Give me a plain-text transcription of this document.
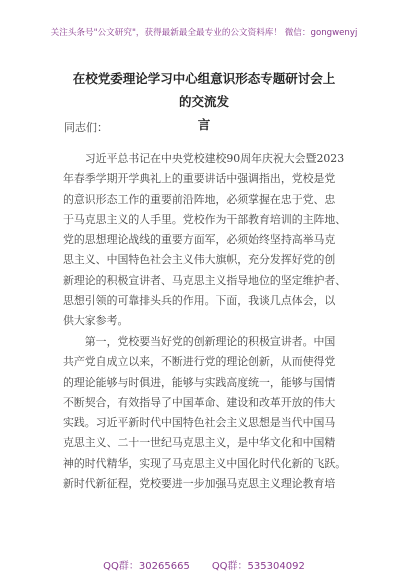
关注头条号"公文研究"，获得最新最全最专业的公文资料库！ 微信：gongwenyj
在校党委理论学习中心组意识形态专题研讨会上的交流发
言
同志们：
　　习近平总书记在中央党校建校90周年庆祝大会暨2023
年春季学期开学典礼上的重要讲话中强调指出，党校是党
的意识形态工作的重要前沿阵地，必须掌握在忠于党、忠
于马克思主义的人手里。党校作为干部教育培训的主阵地、
党的思想理论战线的重要方面军，必须始终坚持高举马克
思主义、中国特色社会主义伟大旗帜，充分发挥好党的创
新理论的积极宣讲者、马克思主义指导地位的坚定维护者、
思想引领的可靠排头兵的作用。下面，我谈几点体会，以
供大家参考。
　　第一，党校要当好党的创新理论的积极宣讲者。中国
共产党自成立以来，不断进行党的理论创新，从而使得党
的理论能够与时俱进，能够与实践高度统一，能够与国情
不断契合，有效指导了中国革命、建设和改革开放的伟大
实践。习近平新时代中国特色社会主义思想是当代中国马
克思主义、二十一世纪马克思主义，是中华文化和中国精
神的时代精华，实现了马克思主义中国化时代化新的飞跃。
新时代新征程，党校要进一步加强马克思主义理论教育培
QQ群：30265665 QQ群：535304092
